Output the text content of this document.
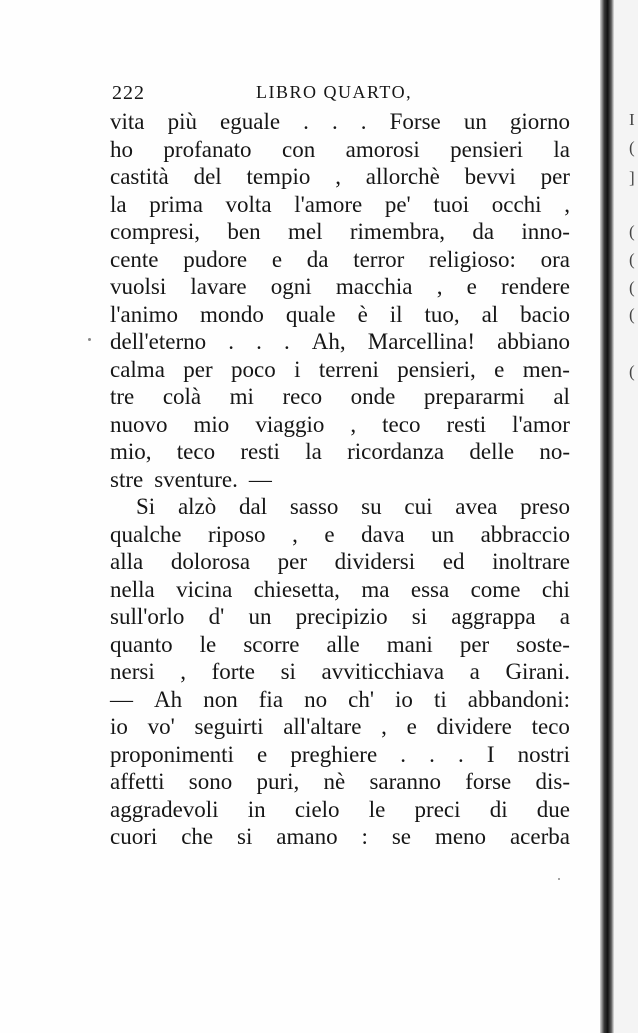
I
(
]
(
(
(
(
(
222	LIBRO QUARTO,
vita più eguale . . . Forse un giorno
ho profanato con amorosi pensieri la
castità del tempio , allorchè bevvi per
la prima volta l'amore pe' tuoi occhi ,
compresi, ben mel rimembra, da inno-
cente pudore e da terror religioso: ora
vuolsi lavare ogni macchia , e rendere
l'animo mondo quale è il tuo, al bacio
dell'eterno . . . Ah, Marcellina! abbiano
calma per poco i terreni pensieri, e men-
tre colà mi reco onde prepararmi al
nuovo mio viaggio , teco resti l'amor
mio, teco resti la ricordanza delle no-
stre sventure. —
Si alzò dal sasso su cui avea preso
qualche riposo , e dava un abbraccio
alla dolorosa per dividersi ed inoltrare
nella vicina chiesetta, ma essa come chi
sull'orlo d' un precipizio si aggrappa a
quanto le scorre alle mani per soste-
nersi , forte si avviticchiava a Girani.
— Ah non fia no ch' io ti abbandoni:
io vo' seguirti all'altare , e dividere teco
proponimenti e preghiere . . . I nostri
affetti sono puri, nè saranno forse dis-
aggradevoli in cielo le preci di due
cuori che si amano : se meno acerba
